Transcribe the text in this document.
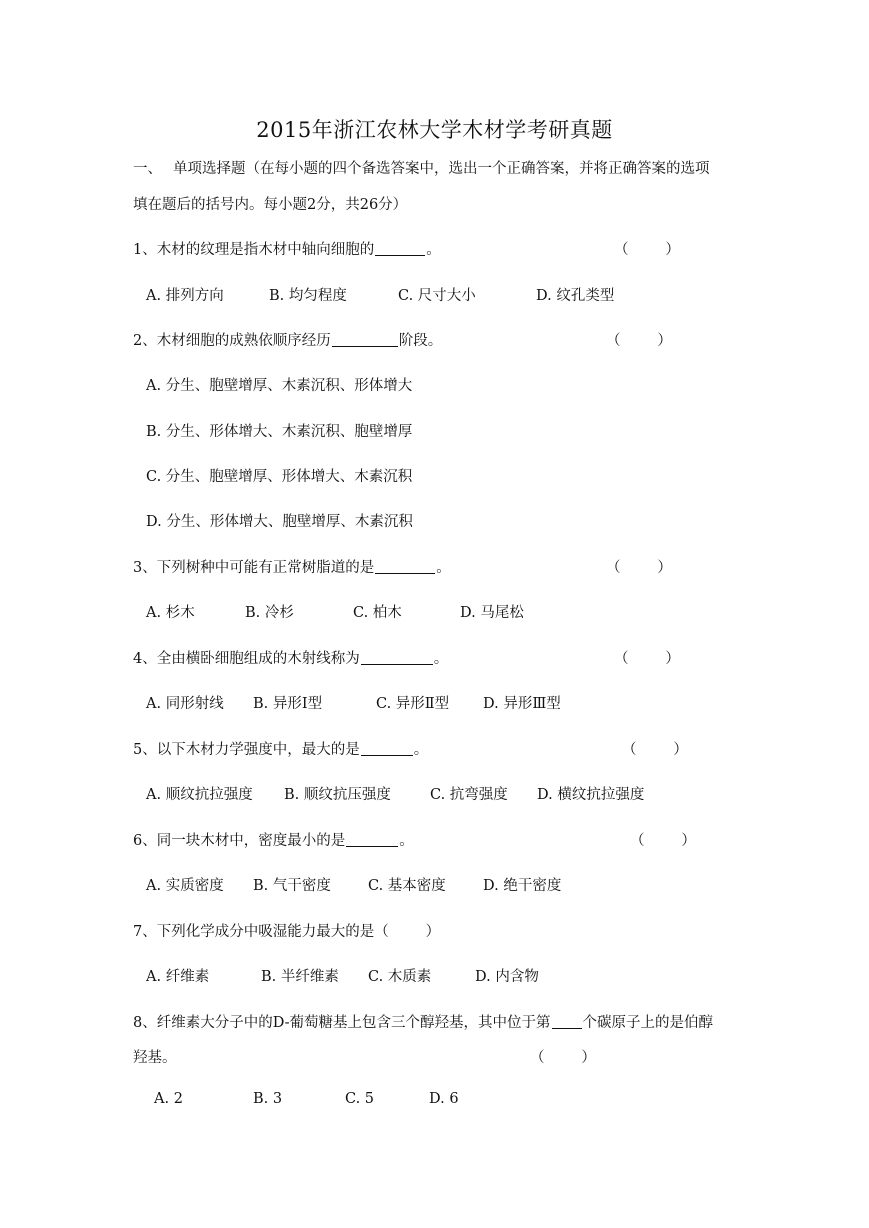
2015年浙江农林大学木材学考研真题
一、 单项选择题（在每小题的四个备选答案中，选出一个正确答案，并将正确答案的选项
填在题后的括号内。每小题2分，共26分）
1、木材的纹理是指木材中轴向细胞的	。	（        ）
A. 排列方向	B. 均匀程度	C. 尺寸大小	D. 纹孔类型
2、木材细胞的成熟依顺序经历	阶段。	（        ）
A. 分生、胞壁增厚、木素沉积、形体增大
B. 分生、形体增大、木素沉积、胞壁增厚
C. 分生、胞壁增厚、形体增大、木素沉积
D. 分生、形体增大、胞壁增厚、木素沉积
3、下列树种中可能有正常树脂道的是	。	（        ）
A. 杉木	B. 冷杉	C. 柏木	D. 马尾松
4、全由横卧细胞组成的木射线称为	。	（        ）
A. 同形射线 B. 异形Ⅰ型	C. 异形Ⅱ型 D. 异形Ⅲ型
5、以下木材力学强度中，最大的是	。	（        ）
A. 顺纹抗拉强度 B. 顺纹抗压强度	C. 抗弯强度 D. 横纹抗拉强度
6、同一块木材中，密度最小的是	。	（        ）
A. 实质密度 B. 气干密度	C. 基本密度	D. 绝干密度
7、下列化学成分中吸湿能力最大的是（        ）
A. 纤维素	B. 半纤维素 C. 木质素	D. 内含物
8、纤维素大分子中的D-葡萄糖基上包含三个醇羟基，其中位于第 个碳原子上的是伯醇
羟基。	（        ）
A. 2	B. 3	C. 5	D. 6
